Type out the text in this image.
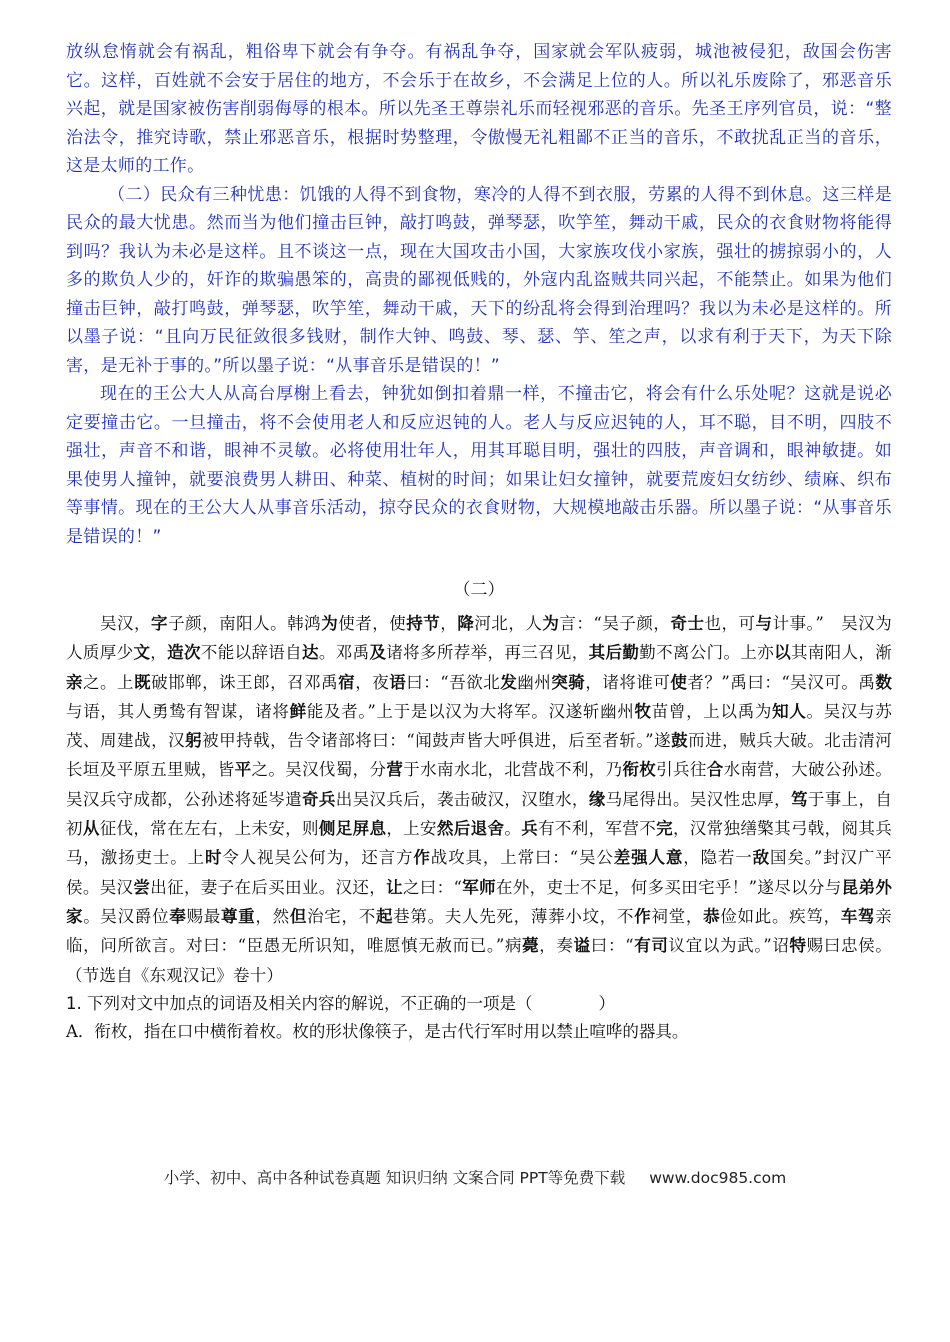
放纵怠惰就会有祸乱，粗俗卑下就会有争夺。有祸乱争夺，国家就会军队疲弱，城池被侵犯，敌国会伤害它。这样，百姓就不会安于居住的地方，不会乐于在故乡，不会满足上位的人。所以礼乐废除了，邪恶音乐兴起，就是国家被伤害削弱侮辱的根本。所以先圣王尊崇礼乐而轻视邪恶的音乐。先圣王序列官员，说：“整治法令，推究诗歌，禁止邪恶音乐，根据时势整理，令傲慢无礼粗鄙不正当的音乐，不敢扰乱正当的音乐，这是太师的工作。

（二）民众有三种忧患：饥饿的人得不到食物，寒冷的人得不到衣服，劳累的人得不到休息。这三样是民众的最大忧患。然而当为他们撞击巨钟，敲打鸣鼓，弹琴瑟，吹竽笙，舞动干戚，民众的衣食财物将能得到吗？我认为未必是这样。且不谈这一点，现在大国攻击小国，大家族攻伐小家族，强壮的掳掠弱小的，人多的欺负人少的，奸诈的欺骗愚笨的，高贵的鄙视低贱的，外寇内乱盗贼共同兴起，不能禁止。如果为他们撞击巨钟，敲打鸣鼓，弹琴瑟，吹竽笙，舞动干戚，天下的纷乱将会得到治理吗？我以为未必是这样的。所以墨子说：“且向万民征敛很多钱财，制作大钟、鸣鼓、琴、瑟、竽、笙之声，以求有利于天下，为天下除害，是无补于事的。”所以墨子说：“从事音乐是错误的！”

现在的王公大人从高台厚榭上看去，钟犹如倒扣着鼎一样，不撞击它，将会有什么乐处呢？这就是说必定要撞击它。一旦撞击，将不会使用老人和反应迟钝的人。老人与反应迟钝的人，耳不聪，目不明，四肢不强壮，声音不和谐，眼神不灵敏。必将使用壮年人，用其耳聪目明，强壮的四肢，声音调和，眼神敏捷。如果使男人撞钟，就要浪费男人耕田、种菜、植树的时间；如果让妇女撞钟，就要荒废妇女纺纱、绩麻、织布等事情。现在的王公大人从事音乐活动，掠夺民众的衣食财物，大规模地敲击乐器。所以墨子说：“从事音乐是错误的！”

（二）

吴汉，字子颜，南阳人。韩鸿为使者，使持节，降河北，人为言：“吴子颜，奇士也，可与计事。”　吴汉为人质厚少文，造次不能以辞语自达。邓禹及诸将多所荐举，再三召见，其后勤勤不离公门。上亦以其南阳人，渐亲之。上既破邯郸，诛王郎，召邓禹宿，夜语曰：“吾欲北发幽州突骑，诸将谁可使者？”禹曰：“吴汉可。禹数与语，其人勇鸷有智谋，诸将鲜能及者。”上于是以汉为大将军。汉遂斩幽州牧苗曾，上以禹为知人。吴汉与苏茂、周建战，汉躬被甲持戟，告令诸部将曰：“闻鼓声皆大呼俱进，后至者斩。”遂鼓而进，贼兵大破。北击清河长垣及平原五里贼，皆平之。吴汉伐蜀，分营于水南水北，北营战不利，乃衔枚引兵往合水南营，大破公孙述。吴汉兵守成都，公孙述将延岑遣奇兵出吴汉兵后，袭击破汉，汉堕水，缘马尾得出。吴汉性忠厚，笃于事上，自初从征伐，常在左右，上未安，则侧足屏息，上安然后退舍。兵有不利，军营不完，汉常独缮檠其弓戟，阅其兵马，激扬吏士。上时令人视吴公何为，还言方作战攻具，上常曰：“吴公差强人意，隐若一敌国矣。”封汉广平侯。吴汉尝出征，妻子在后买田业。汉还，让之曰：“军师在外，吏士不足，何多买田宅乎！”遂尽以分与昆弟外家。吴汉爵位奉赐最尊重，然但治宅，不起巷第。夫人先死，薄葬小坟，不作祠堂，恭俭如此。疾笃，车驾亲临，问所欲言。对曰：“臣愚无所识知，唯愿慎无赦而已。”病薨，奏谥曰：“有司议宜以为武。”诏特赐曰忠侯。（节选自《东观汉记》卷十）

1. 下列对文中加点的词语及相关内容的解说，不正确的一项是（　　　　）

A．衔枚，指在口中横衔着枚。枚的形状像筷子，是古代行军时用以禁止喧哗的器具。

小学、初中、高中各种试卷真题 知识归纳 文案合同 PPT等免费下载 www.doc985.com
